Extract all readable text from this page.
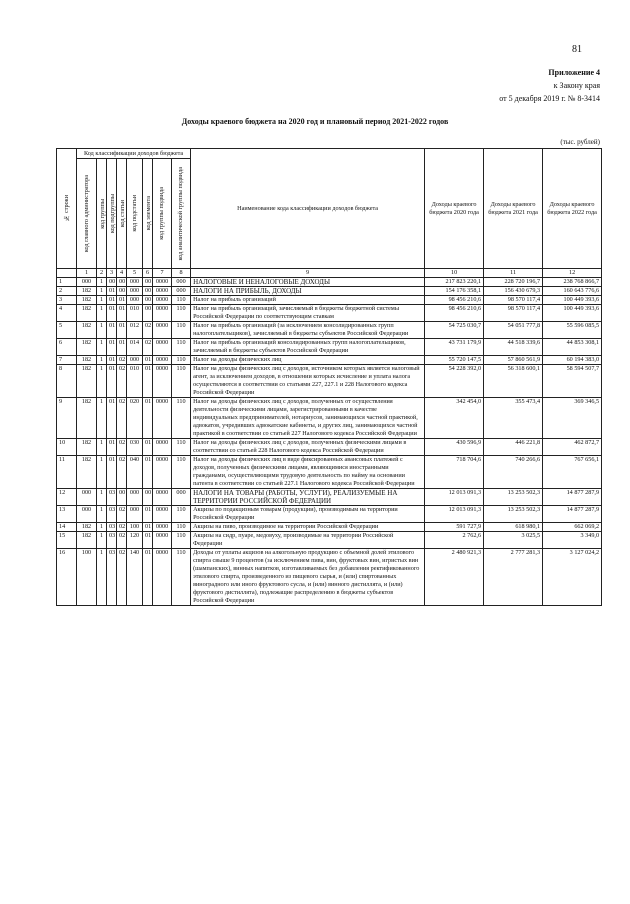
81
Приложение 4
к Закону края
от 5 декабря 2019 г. № 8-3414
Доходы краевого бюджета на 2020 год и плановый период 2021-2022 годов
(тыс. рублей)
№ строки	Код классификации доходов бюджета								Наименование кода классификации доходов бюджета	Доходы краевого бюджета 2020 года	Доходы краевого бюджета 2021 года	Доходы краевого бюджета 2022 года

	код главного администратора	код группы	код подгруппы	код статьи	код подстатьи	код элемента	код группы подвида	код аналитической группы подвида				

	1	2	3	4	5	6	7	8	9	10	11	12
1	000	1	00	00	000	00	0000	000	НАЛОГОВЫЕ И НЕНАЛОГОВЫЕ ДОХОДЫ	217 823 220,1	228 720 196,7	238 768 866,7
2	182	1	01	00	000	00	0000	000	НАЛОГИ НА ПРИБЫЛЬ, ДОХОДЫ	154 176 358,1	156 430 679,3	160 643 776,6
3	182	1	01	01	000	00	0000	110	Налог на прибыль организаций	98 456 210,6	98 570 117,4	100 449 393,6
4	182	1	01	01	010	00	0000	110	Налог на прибыль организаций, зачисляемый в бюджеты бюджетной системы Российской Федерации по соответствующим ставкам	98 456 210,6	98 570 117,4	100 449 393,6
5	182	1	01	01	012	02	0000	110	Налог на прибыль организаций (за исключением консолидированных групп налогоплательщиков), зачисляемый в бюджеты субъектов Российской Федерации	54 725 030,7	54 051 777,8	55 596 085,5
6	182	1	01	01	014	02	0000	110	Налог на прибыль организаций консолидированных групп налогоплательщиков, зачисляемый в бюджеты субъектов Российской Федерации	43 731 179,9	44 518 339,6	44 853 308,1
7	182	1	01	02	000	01	0000	110	Налог на доходы физических лиц	55 720 147,5	57 860 561,9	60 194 383,0
8	182	1	01	02	010	01	0000	110	Налог на доходы физических лиц с доходов, источником которых является налоговый агент, за исключением доходов, в отношении которых исчисление и уплата налога осуществляются в соответствии со статьями 227, 227.1 и 228 Налогового кодекса Российской Федерации	54 228 392,0	56 318 600,1	58 594 507,7
9	182	1	01	02	020	01	0000	110	Налог на доходы физических лиц с доходов, полученных от осуществления деятельности физическими лицами, зарегистрированными в качестве индивидуальных предпринимателей, нотариусов, занимающихся частной практикой, адвокатов, учредивших адвокатские кабинеты, и других лиц, занимающихся частной практикой в соответствии со статьей 227 Налогового кодекса Российской Федерации	342 454,0	355 473,4	369 346,5
10	182	1	01	02	030	01	0000	110	Налог на доходы физических лиц с доходов, полученных физическими лицами в соответствии со статьей 228 Налогового кодекса Российской Федерации	430 596,9	446 221,8	462 872,7
11	182	1	01	02	040	01	0000	110	Налог на доходы физических лиц в виде фиксированных авансовых платежей с доходов, полученных физическими лицами, являющимися иностранными гражданами, осуществляющими трудовую деятельность по найму на основании патента в соответствии со статьей 227.1 Налогового кодекса Российской Федерации	718 704,6	740 266,6	767 656,1
12	000	1	03	00	000	00	0000	000	НАЛОГИ НА ТОВАРЫ (РАБОТЫ, УСЛУГИ), РЕАЛИЗУЕМЫЕ НА ТЕРРИТОРИИ РОССИЙСКОЙ ФЕДЕРАЦИИ	12 013 091,3	13 253 502,3	14 877 287,9
13	000	1	03	02	000	01	0000	110	Акцизы по подакцизным товарам (продукции), производимым на территории Российской Федерации	12 013 091,3	13 253 502,3	14 877 287,9
14	182	1	03	02	100	01	0000	110	Акцизы на пиво, производимое на территории Российской Федерации	591 727,9	618 980,1	662 069,2
15	182	1	03	02	120	01	0000	110	Акцизы на сидр, пуаре, медовуху, производимые на территории Российской Федерации	2 762,6	3 025,5	3 349,0
16	100	1	03	02	140	01	0000	110	Доходы от уплаты акцизов на алкогольную продукцию с объемной долей этилового спирта свыше 9 процентов (за исключением пива, вин, фруктовых вин, игристых вин (шампанских), винных напитков, изготавливаемых без добавления ректификованного этилового спирта, произведенного из пищевого сырья, и (или) спиртованных виноградного или иного фруктового сусла, и (или) винного дистиллята, и (или) фруктового дистиллята), подлежащие распределению в бюджеты субъектов Российской Федерации	2 480 921,3	2 777 281,3	3 127 024,2
